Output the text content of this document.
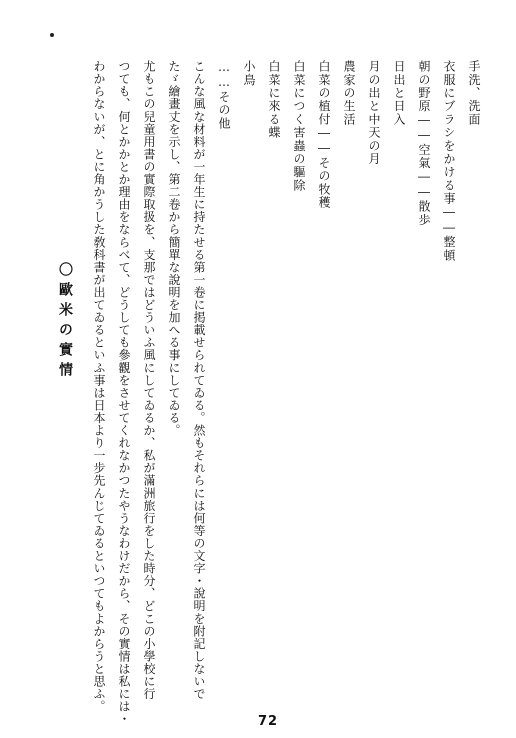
手洗、洗面
衣服にブラシをかける事――整頓
朝の野原――空氣――散歩
日出と日入
月の出と中天の月
農家の生活
白菜の植付――その牧穫
白菜につく害蟲の驅除
白菜に來る蝶
小鳥
……その他
こんな風な材料が一年生に持たせる第一卷に掲載せられてゐる。然もそれらには何等の文字・說明を附記しないで
たゞ繪畫丈を示し、第二卷から簡單な說明を加へる事にしてゐる。
尤もこの兒童用書の實際取扱を、支那ではどういふ風にしてゐるか、私が滿洲旅行をした時分、どこの小學校に行
つても、何とかかとか理由をならべて、どうしても參觀をさせてくれなかつたやうなわけだから、その實情は私には・
わからないが、とに角かうした敎科書が出てゐるといふ事は日本より一步先んじてゐるといつてもよからうと思ふ。
〇歐米の實情
72
